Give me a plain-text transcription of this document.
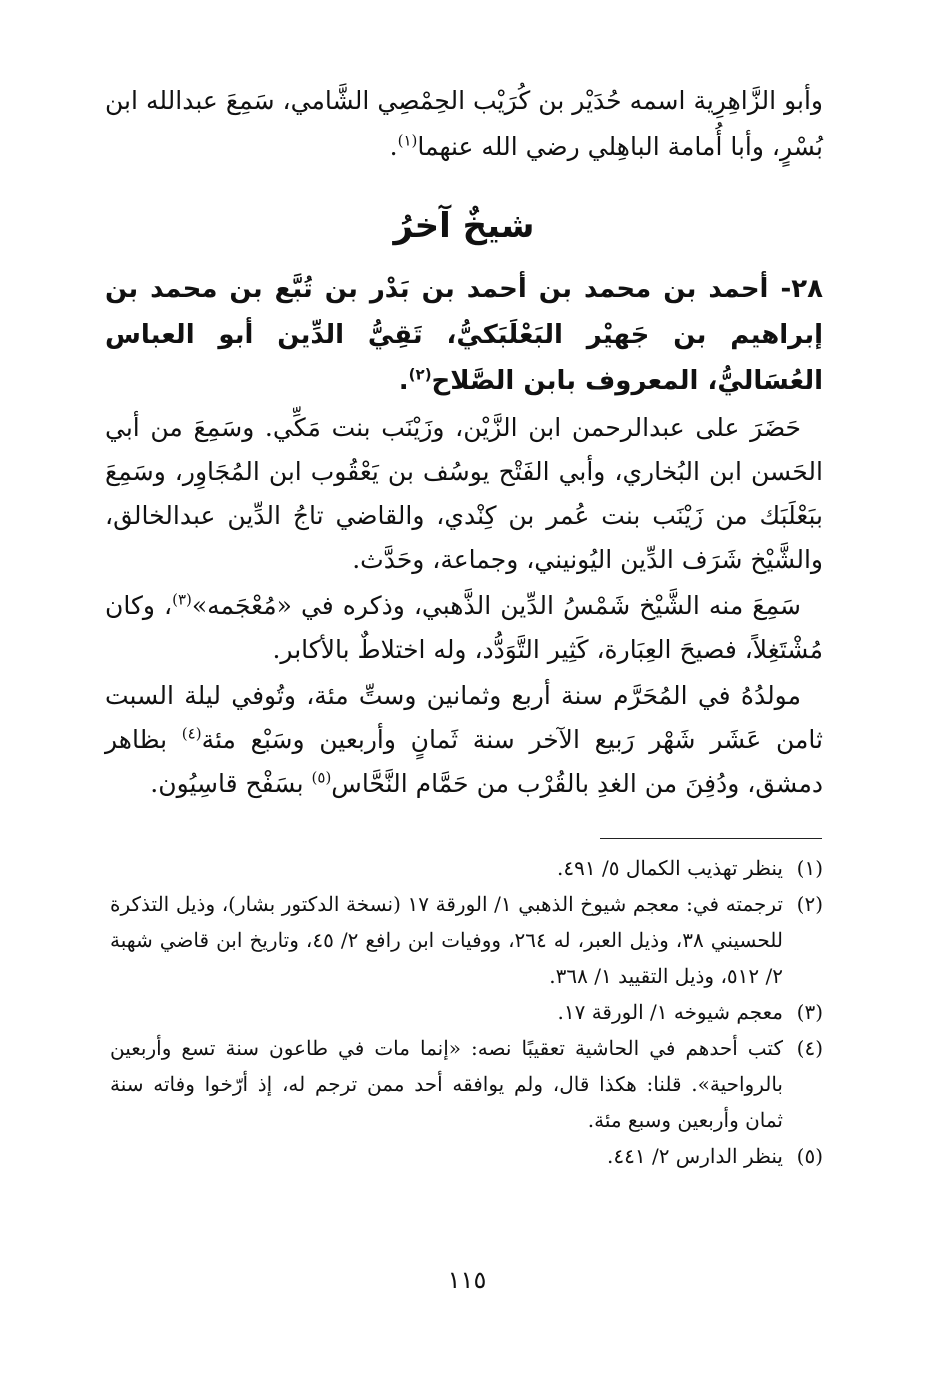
وأبو الزَّاهِرِية اسمه حُدَيْر بن كُرَيْب الحِمْصِي الشَّامي، سَمِعَ عبدالله ابن بُسْرٍ، وأبا أُمامة الباهِلي رضي الله عنهما$^{(١)}$.
شيخٌ آخرُ
٢٨- أحمد بن محمد بن أحمد بن بَدْر بن تُبَّع بن محمد بن إبراهيم بن جَهيْر البَعْلَبَكيُّ، تَقِيُّ الدِّين أبو العباس العُسَاليُّ، المعروف بابن الصَّلاح$^{(٢)}$.
حَضَرَ على عبدالرحمن ابن الزَّيْن، وزَيْنَب بنت مَكِّي. وسَمِعَ من أبي الحَسن ابن البُخاري، وأبي الفَتْح يوسُف بن يَعْقُوب ابن المُجَاوِر، وسَمِعَ ببَعْلَبَك من زَيْنَب بنت عُمر بن كِنْدي، والقاضي تاجُ الدِّين عبدالخالق، والشَّيْخ شَرَف الدِّين اليُونيني، وجماعة، وحَدَّث.
سَمِعَ منه الشَّيْخ شَمْسُ الدِّين الذَّهبي، وذكره في «مُعْجَمه»$^{(٣)}$، وكان مُشْتَغِلاً، فصيحَ العِبَارة، كَثِير التَّوَدُّد، وله اختلاطٌ بالأكابر.
مولدُهُ في المُحَرَّم سنة أربع وثمانين وستِّ مئة، وتُوفي ليلة السبت ثامن عَشَر شَهْر رَبيع الآخر سنة ثَمانٍ وأربعين وسَبْع مئة$^{(٤)}$ بظاهر دمشق، ودُفِنَ من الغدِ بالقُرْب من حَمَّام النَّحَّاس$^{(٥)}$ بسَفْح قاسِيُون.
(١)
ينظر تهذيب الكمال ٥/ ٤٩١.
(٢)
ترجمته في: معجم شيوخ الذهبي ١/ الورقة ١٧ (نسخة الدكتور بشار)، وذيل التذكرة للحسيني ٣٨، وذيل العبر، له ٢٦٤، ووفيات ابن رافع ٢/ ٤٥، وتاريخ ابن قاضي شهبة ٢/ ٥١٢، وذيل التقييد ١/ ٣٦٨.
(٣)
معجم شيوخه ١/ الورقة ١٧.
(٤)
كتب أحدهم في الحاشية تعقيبًا نصه: «إنما مات في طاعون سنة تسع وأربعين بالرواحية». قلنا: هكذا قال، ولم يوافقه أحد ممن ترجم له، إذ أرّخوا وفاته سنة ثمان وأربعين وسبع مئة.
(٥)
ينظر الدارس ٢/ ٤٤١.
١١٥
